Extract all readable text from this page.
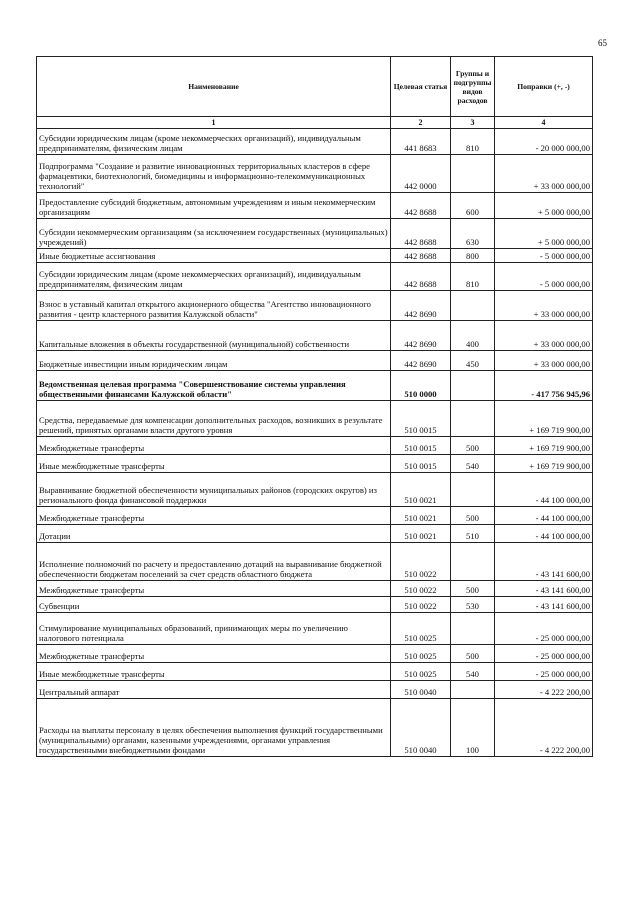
65
Наименование	Целевая статья	Группы и подгруппы видов расходов	Поправки (+, -)
1	2	3	4
Субсидии юридическим лицам (кроме некоммерческих организаций), индивидуальным предпринимателям, физическим лицам	441 8683	810	- 20 000 000,00
Подпрограмма "Создание и развитие инновационных территориальных кластеров в сфере фармацевтики, биотехнологий, биомедицины и информационно-телекоммуникационных технологий"	442 0000		+ 33 000 000,00
Предоставление субсидий бюджетным, автономным учреждениям и иным некоммерческим организациям	442 8688	600	+ 5 000 000,00
Субсидии некоммерческим организациям (за исключением государственных (муниципальных) учреждений)	442 8688	630	+ 5 000 000,00
Иные бюджетные ассигнования	442 8688	800	- 5 000 000,00
Субсидии юридическим лицам (кроме некоммерческих организаций), индивидуальным предпринимателям, физическим лицам	442 8688	810	- 5 000 000,00
Взнос в уставный капитал открытого акционерного общества "Агентство инновационного развития - центр кластерного развития Калужской области"	442 8690		+ 33 000 000,00
Капитальные вложения в объекты государственной (муниципальной) собственности	442 8690	400	+ 33 000 000,00
Бюджетные инвестиции иным юридическим лицам	442 8690	450	+ 33 000 000,00
Ведомственная целевая программа "Совершенствование системы управления общественными финансами Калужской области"	510 0000		- 417 756 945,96
Средства, передаваемые для компенсации дополнительных расходов, возникших в результате решений, принятых органами власти другого уровня	510 0015		+ 169 719 900,00
Межбюджетные трансферты	510 0015	500	+ 169 719 900,00
Иные межбюджетные трансферты	510 0015	540	+ 169 719 900,00
Выравнивание бюджетной обеспеченности муниципальных районов (городских округов) из регионального фонда финансовой поддержки	510 0021		- 44 100 000,00
Межбюджетные трансферты	510 0021	500	- 44 100 000,00
Дотации	510 0021	510	- 44 100 000,00
Исполнение полномочий по расчету и предоставлению дотаций на выравнивание бюджетной обеспеченности бюджетам поселений за счет средств областного бюджета	510 0022		- 43 141 600,00
Межбюджетные трансферты	510 0022	500	- 43 141 600,00
Субвенции	510 0022	530	- 43 141 600,00
Стимулирование муниципальных образований, принимающих меры по увеличению налогового потенциала	510 0025		- 25 000 000,00
Межбюджетные трансферты	510 0025	500	- 25 000 000,00
Иные межбюджетные трансферты	510 0025	540	- 25 000 000,00
Центральный аппарат	510 0040		- 4 222 200,00
Расходы на выплаты персоналу в целях обеспечения выполнения функций государственными (муниципальными) органами, казенными учреждениями, органами управления государственными внебюджетными фондами	510 0040	100	- 4 222 200,00
